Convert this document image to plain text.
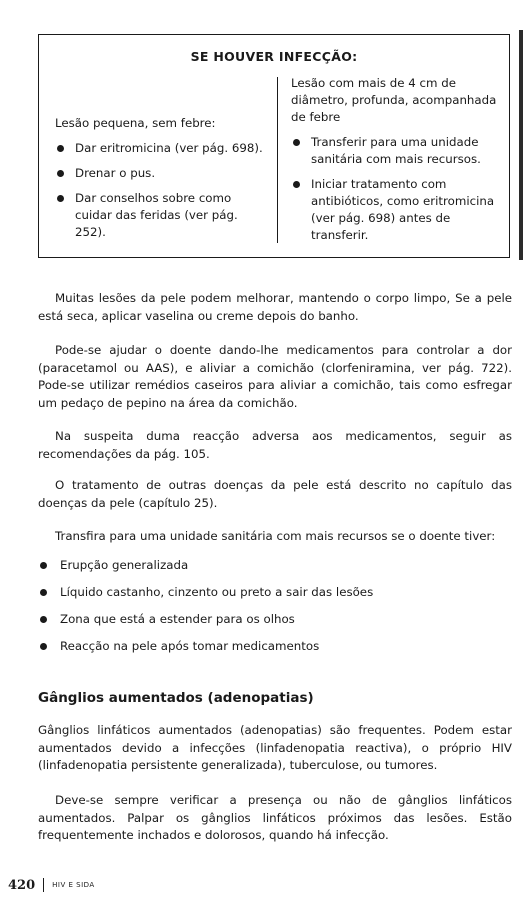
SE HOUVER INFECÇÃO:
Lesão pequena, sem febre:
Dar eritromicina (ver pág. 698).
Drenar o pus.
Dar conselhos sobre como cuidar das feridas (ver pág. 252).
Lesão com mais de 4 cm de diâmetro, profunda, acompanhada de febre
Transferir para uma unidade sanitária com mais recursos.
Iniciar tratamento com antibióticos, como eritromicina (ver pág. 698) antes de transferir.

Muitas lesões da pele podem melhorar, mantendo o corpo limpo, Se a pele está seca, aplicar vaselina ou creme depois do banho.

Pode-se ajudar o doente dando-lhe medicamentos para controlar a dor (paracetamol ou AAS), e aliviar a comichão (clorfeniramina, ver pág. 722). Pode-se utilizar remédios caseiros para aliviar a comichão, tais como esfregar um pedaço de pepino na área da comichão.

Na suspeita duma reacção adversa aos medicamentos, seguir as recomendações da pág. 105.

O tratamento de outras doenças da pele está descrito no capítulo das doenças da pele (capítulo 25).

Transfira para uma unidade sanitária com mais recursos se o doente tiver:

Erupção generalizada
Líquido castanho, cinzento ou preto a sair das lesões
Zona que está a estender para os olhos
Reacção na pele após tomar medicamentos
Gânglios aumentados (adenopatias)

Gânglios linfáticos aumentados (adenopatias) são frequentes. Podem estar aumentados devido a infecções (linfadenopatia reactiva), o próprio HIV (linfadenopatia persistente generalizada), tuberculose, ou tumores.

Deve-se sempre verificar a presença ou não de gânglios linfáticos aumentados. Palpar os gânglios linfáticos próximos das lesões. Estão frequentemente inchados e dolorosos, quando há infecção.

420 HIV E SIDA
